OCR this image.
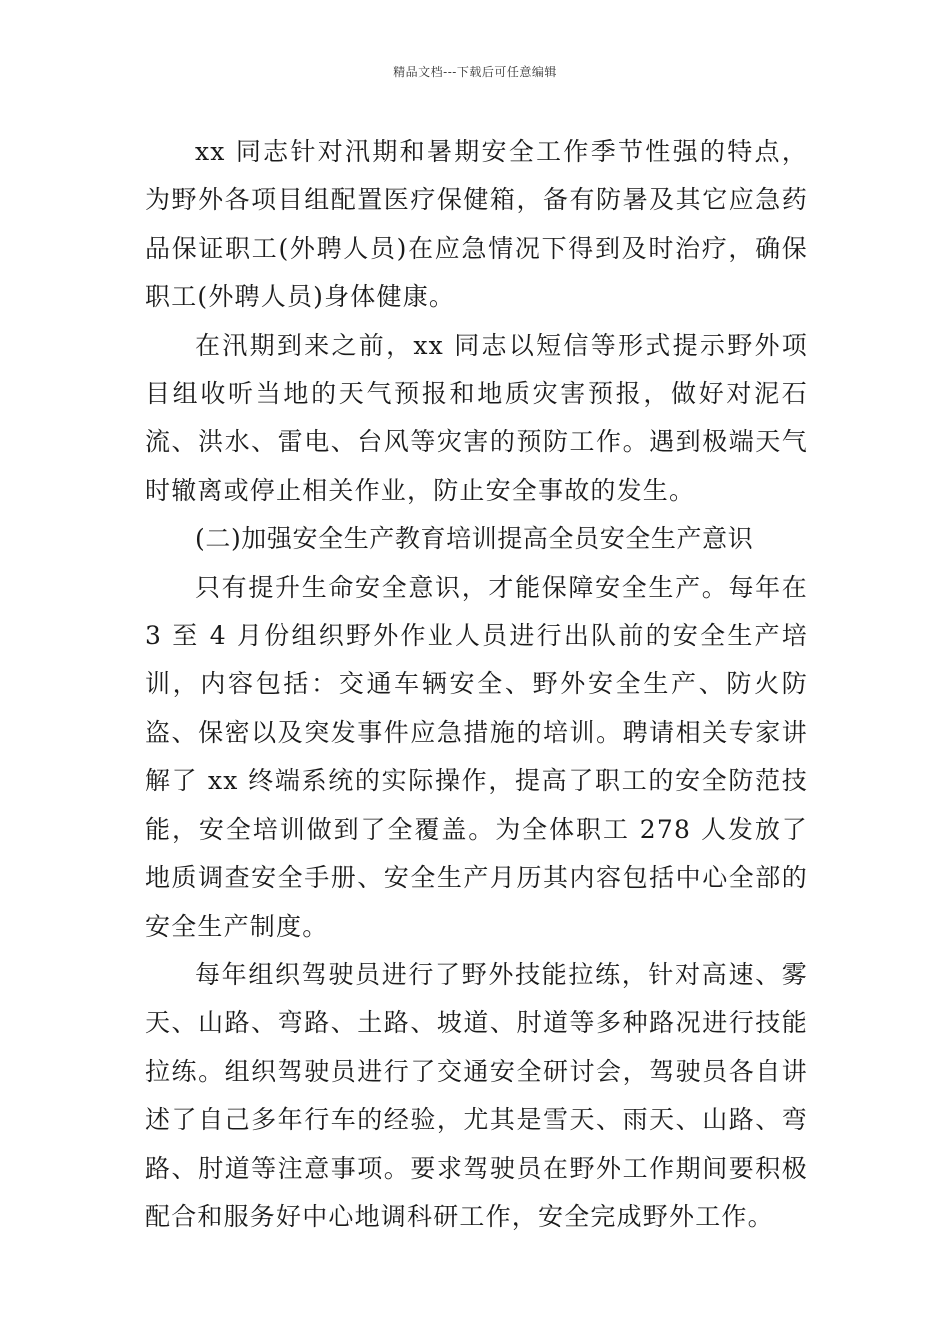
精品文档---下载后可任意编辑

xx 同志针对汛期和暑期安全工作季节性强的特点，为野外各项目组配置医疗保健箱，备有防暑及其它应急药品保证职工(外聘人员)在应急情况下得到及时治疗，确保职工(外聘人员)身体健康。

在汛期到来之前，xx 同志以短信等形式提示野外项目组收听当地的天气预报和地质灾害预报，做好对泥石流、洪水、雷电、台风等灾害的预防工作。遇到极端天气时辙离或停止相关作业，防止安全事故的发生。

(二)加强安全生产教育培训提高全员安全生产意识

只有提升生命安全意识，才能保障安全生产。每年在 3 至 4 月份组织野外作业人员进行出队前的安全生产培训，内容包括：交通车辆安全、野外安全生产、防火防盗、保密以及突发事件应急措施的培训。聘请相关专家讲解了 xx 终端系统的实际操作，提高了职工的安全防范技能，安全培训做到了全覆盖。为全体职工 278 人发放了地质调查安全手册、安全生产月历其内容包括中心全部的安全生产制度。

每年组织驾驶员进行了野外技能拉练，针对高速、雾天、山路、弯路、土路、坡道、肘道等多种路况进行技能拉练。组织驾驶员进行了交通安全研讨会，驾驶员各自讲述了自己多年行车的经验，尤其是雪天、雨天、山路、弯路、肘道等注意事项。要求驾驶员在野外工作期间要积极配合和服务好中心地调科研工作，安全完成野外工作。
